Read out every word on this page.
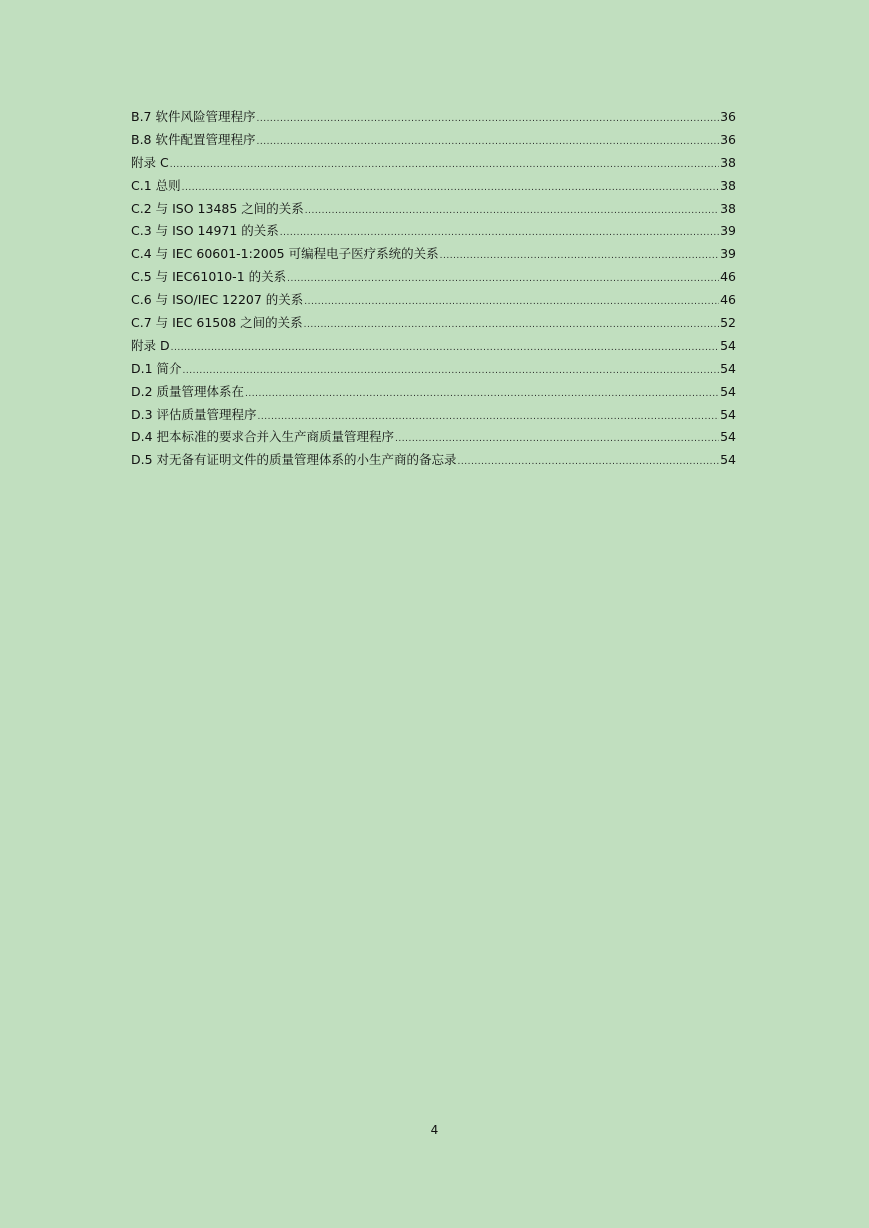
B.7 软件风险管理程序 .....	36
B.8 软件配置管理程序 .....	36
附录 C .....	38
C.1 总则 .....	38
C.2 与 ISO 13485 之间的关系 .....	38
C.3 与 ISO 14971 的关系 .....	39
C.4 与 IEC 60601-1:2005 可编程电子医疗系统的关系 .....	39
C.5 与 IEC61010-1 的关系 .....	46
C.6 与 ISO/IEC 12207 的关系 .....	46
C.7 与 IEC 61508 之间的关系 .....	52
附录 D .....	54
D.1 简介 .....	54
D.2 质量管理体系在 .....	54
D.3 评估质量管理程序 .....	54
D.4 把本标准的要求合并入生产商质量管理程序 .....	54
D.5 对无备有证明文件的质量管理体系的小生产商的备忘录 .....	54
4
